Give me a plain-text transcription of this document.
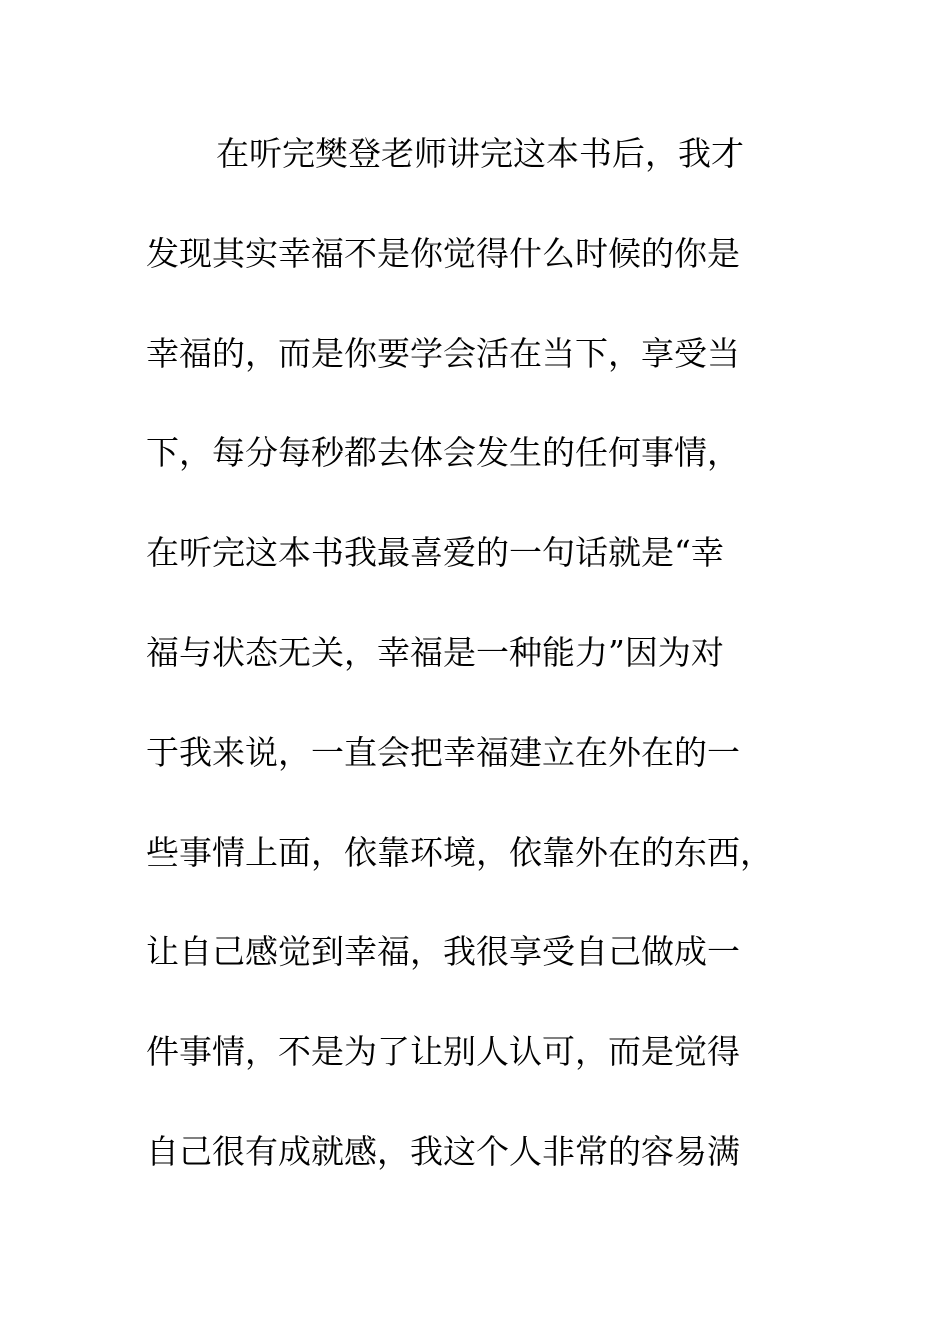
在听完樊登老师讲完这本书后，我才
发现其实幸福不是你觉得什么时候的你是
幸福的，而是你要学会活在当下，享受当
下，每分每秒都去体会发生的任何事情，
在听完这本书我最喜爱的一句话就是“幸
福与状态无关，幸福是一种能力”因为对
于我来说，一直会把幸福建立在外在的一
些事情上面，依靠环境，依靠外在的东西，
让自己感觉到幸福，我很享受自己做成一
件事情，不是为了让别人认可，而是觉得
自己很有成就感，我这个人非常的容易满
